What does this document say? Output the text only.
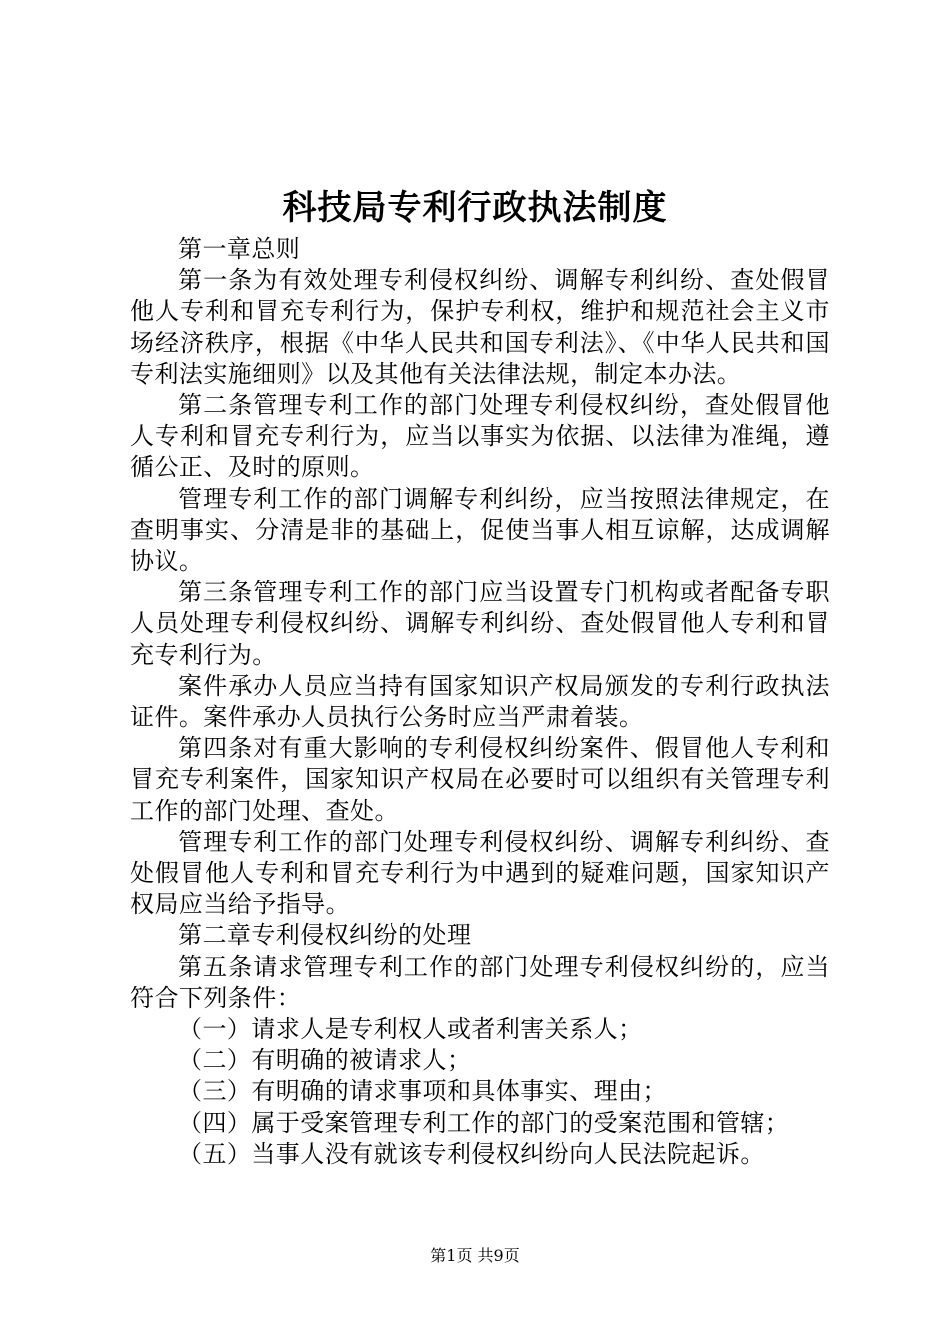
科技局专利行政执法制度

第一章总则

第一条为有效处理专利侵权纠纷、调解专利纠纷、查处假冒他人专利和冒充专利行为，保护专利权，维护和规范社会主义市场经济秩序，根据《中华人民共和国专利法》、《中华人民共和国专利法实施细则》以及其他有关法律法规，制定本办法。

第二条管理专利工作的部门处理专利侵权纠纷，查处假冒他人专利和冒充专利行为，应当以事实为依据、以法律为准绳，遵循公正、及时的原则。

管理专利工作的部门调解专利纠纷，应当按照法律规定，在查明事实、分清是非的基础上，促使当事人相互谅解，达成调解协议。

第三条管理专利工作的部门应当设置专门机构或者配备专职人员处理专利侵权纠纷、调解专利纠纷、查处假冒他人专利和冒充专利行为。

案件承办人员应当持有国家知识产权局颁发的专利行政执法证件。案件承办人员执行公务时应当严肃着装。

第四条对有重大影响的专利侵权纠纷案件、假冒他人专利和冒充专利案件，国家知识产权局在必要时可以组织有关管理专利工作的部门处理、查处。

管理专利工作的部门处理专利侵权纠纷、调解专利纠纷、查处假冒他人专利和冒充专利行为中遇到的疑难问题，国家知识产权局应当给予指导。

第二章专利侵权纠纷的处理

第五条请求管理专利工作的部门处理专利侵权纠纷的，应当符合下列条件：

（一）请求人是专利权人或者利害关系人；

（二）有明确的被请求人；

（三）有明确的请求事项和具体事实、理由；

（四）属于受案管理专利工作的部门的受案范围和管辖；

（五）当事人没有就该专利侵权纠纷向人民法院起诉。

第1页 共9页
